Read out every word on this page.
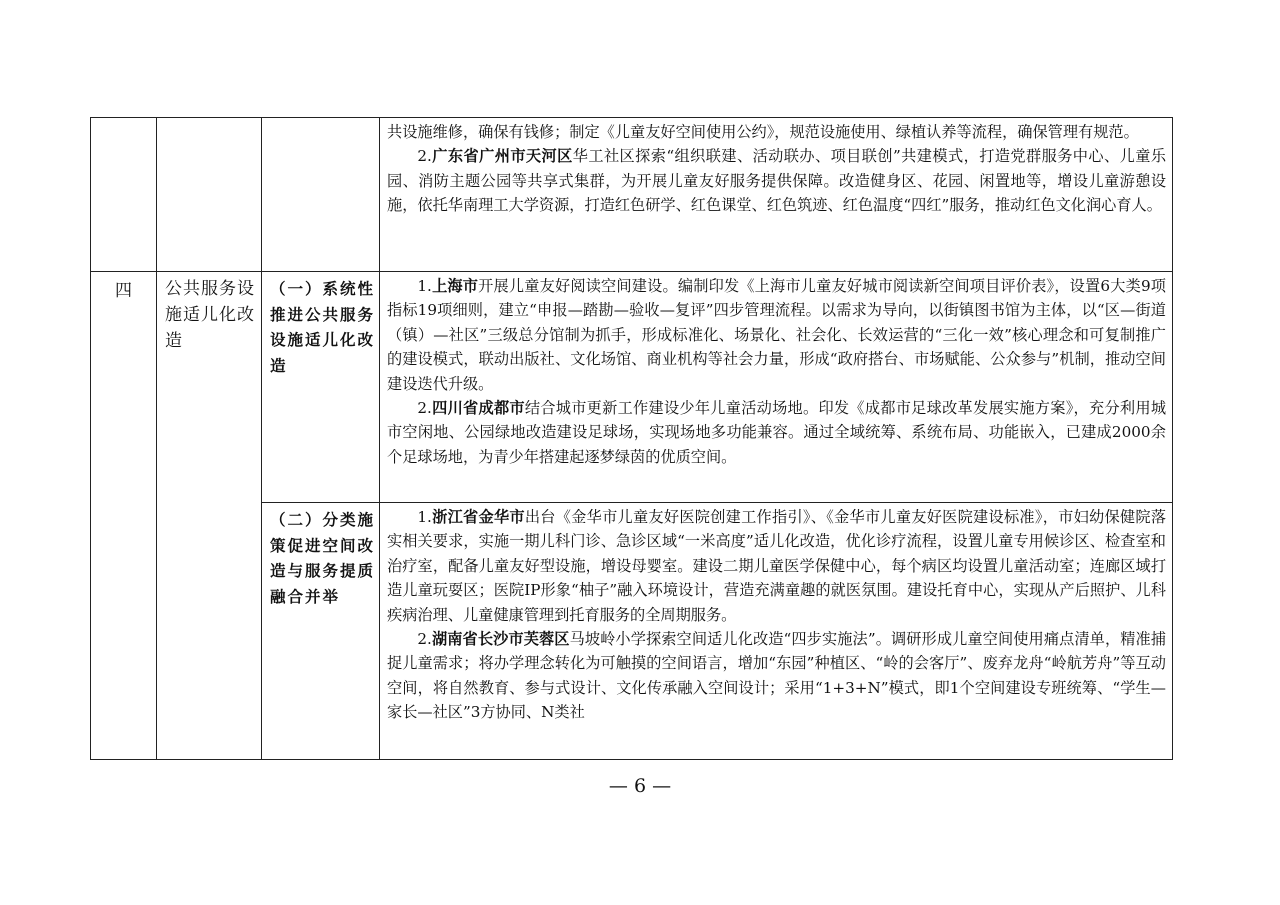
			共设施维修，确保有钱修；制定《儿童友好空间使用公约》，规范设施使用、绿植认养等流程，确保管理有规范。

2.广东省广州市天河区华工社区探索“组织联建、活动联办、项目联创”共建模式，打造党群服务中心、儿童乐园、消防主题公园等共享式集群，为开展儿童友好服务提供保障。改造健身区、花园、闲置地等，增设儿童游憩设施，依托华南理工大学资源，打造红色研学、红色课堂、红色筑迹、红色温度“四红”服务，推动红色文化润心育人。

四	公共服务设施适儿化改造	（一）系统性推进公共服务设施适儿化改造	1.上海市开展儿童友好阅读空间建设。编制印发《上海市儿童友好城市阅读新空间项目评价表》，设置6大类9项指标19项细则，建立“申报—踏勘—验收—复评”四步管理流程。以需求为导向，以街镇图书馆为主体，以“区—街道（镇）—社区”三级总分馆制为抓手，形成标准化、场景化、社会化、长效运营的“三化一效”核心理念和可复制推广的建设模式，联动出版社、文化场馆、商业机构等社会力量，形成“政府搭台、市场赋能、公众参与”机制，推动空间建设迭代升级。

2.四川省成都市结合城市更新工作建设少年儿童活动场地。印发《成都市足球改革发展实施方案》，充分利用城市空闲地、公园绿地改造建设足球场，实现场地多功能兼容。通过全域统筹、系统布局、功能嵌入，已建成2000余个足球场地，为青少年搭建起逐梦绿茵的优质空间。

		（二）分类施策促进空间改造与服务提质融合并举	1.浙江省金华市出台《金华市儿童友好医院创建工作指引》、《金华市儿童友好医院建设标准》，市妇幼保健院落实相关要求，实施一期儿科门诊、急诊区域“一米高度”适儿化改造，优化诊疗流程，设置儿童专用候诊区、检查室和治疗室，配备儿童友好型设施，增设母婴室。建设二期儿童医学保健中心，每个病区均设置儿童活动室；连廊区域打造儿童玩耍区；医院IP形象“柚子”融入环境设计，营造充满童趣的就医氛围。建设托育中心，实现从产后照护、儿科疾病治理、儿童健康管理到托育服务的全周期服务。

2.湖南省长沙市芙蓉区马坡岭小学探索空间适儿化改造“四步实施法”。调研形成儿童空间使用痛点清单，精准捕捉儿童需求；将办学理念转化为可触摸的空间语言，增加“东园”种植区、“岭的会客厅”、废弃龙舟“岭航芳舟”等互动空间，将自然教育、参与式设计、文化传承融入空间设计；采用“1+3+N”模式，即1个空间建设专班统筹、“学生—家长—社区”3方协同、N类社

— 6 —
